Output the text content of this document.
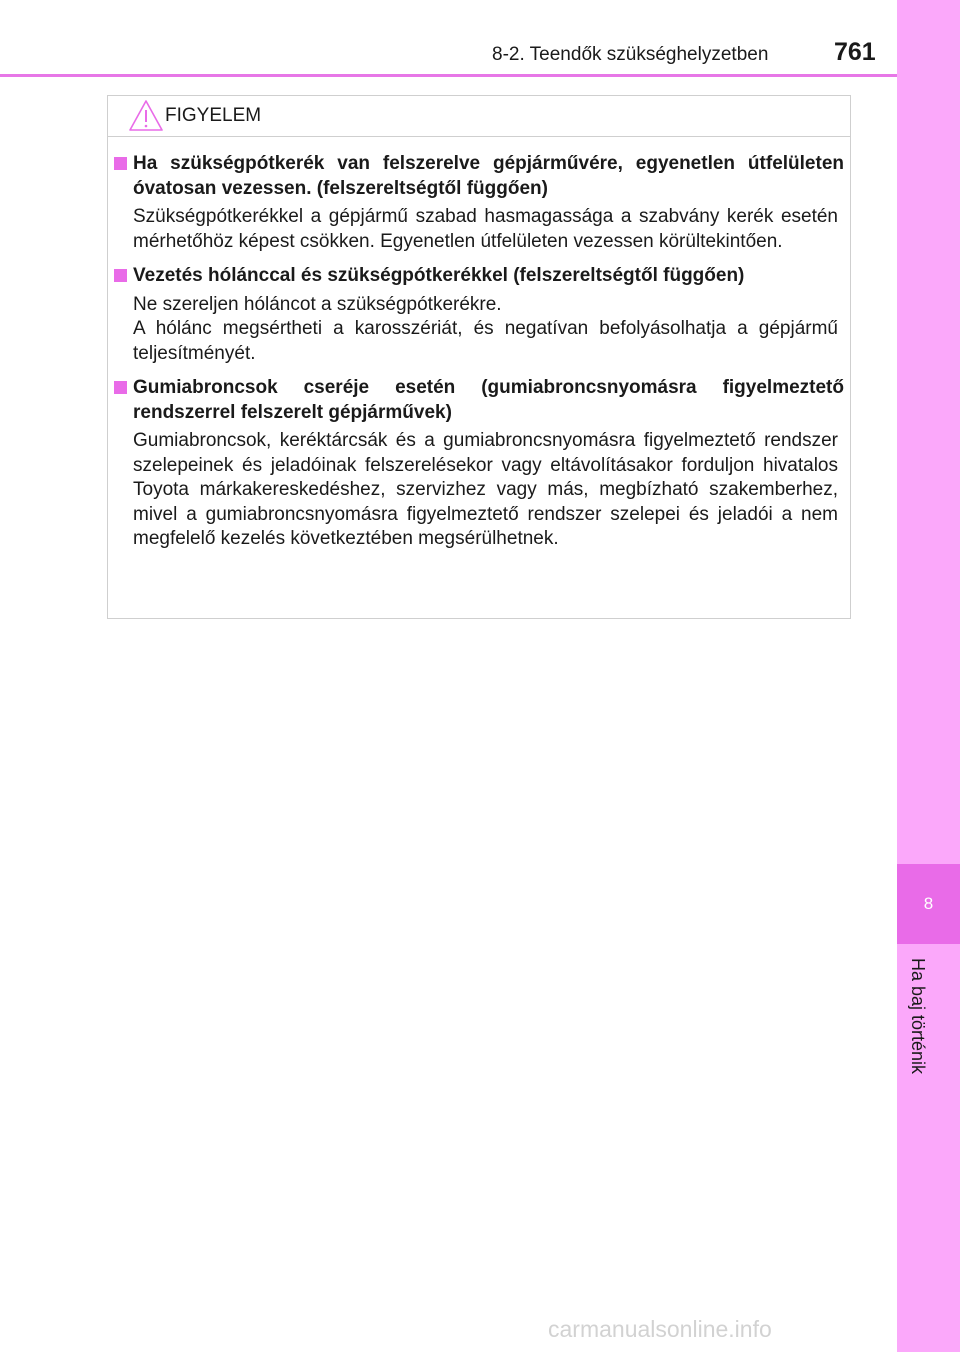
8-2. Teendők szükséghelyzetben	761
8
Ha baj történik
FIGYELEM

Ha szükségpótkerék van felszerelve gépjárművére, egyenetlen útfelületen óvatosan vezessen. (felszereltségtől függően)

Szükségpótkerékkel a gépjármű szabad hasmagassága a szabvány kerék esetén mérhetőhöz képest csökken. Egyenetlen útfelületen vezessen körültekintően.

Vezetés hólánccal és szükségpótkerékkel (felszereltségtől függően)

Ne szereljen hóláncot a szükségpótkerékre.

A hólánc megsértheti a karosszériát, és negatívan befolyásolhatja a gépjármű teljesítményét.

Gumiabroncsok cseréje esetén (gumiabroncsnyomásra figyelmeztető rendszerrel felszerelt gépjárművek)

Gumiabroncsok, keréktárcsák és a gumiabroncsnyomásra figyelmeztető rendszer szelepeinek és jeladóinak felszerelésekor vagy eltávolításakor forduljon hivatalos Toyota márkakereskedéshez, szervizhez vagy más, megbízható szakemberhez, mivel a gumiabroncsnyomásra figyelmeztető rendszer szelepei és jeladói a nem megfelelő kezelés következtében megsérülhetnek.

carmanualsonline.info
